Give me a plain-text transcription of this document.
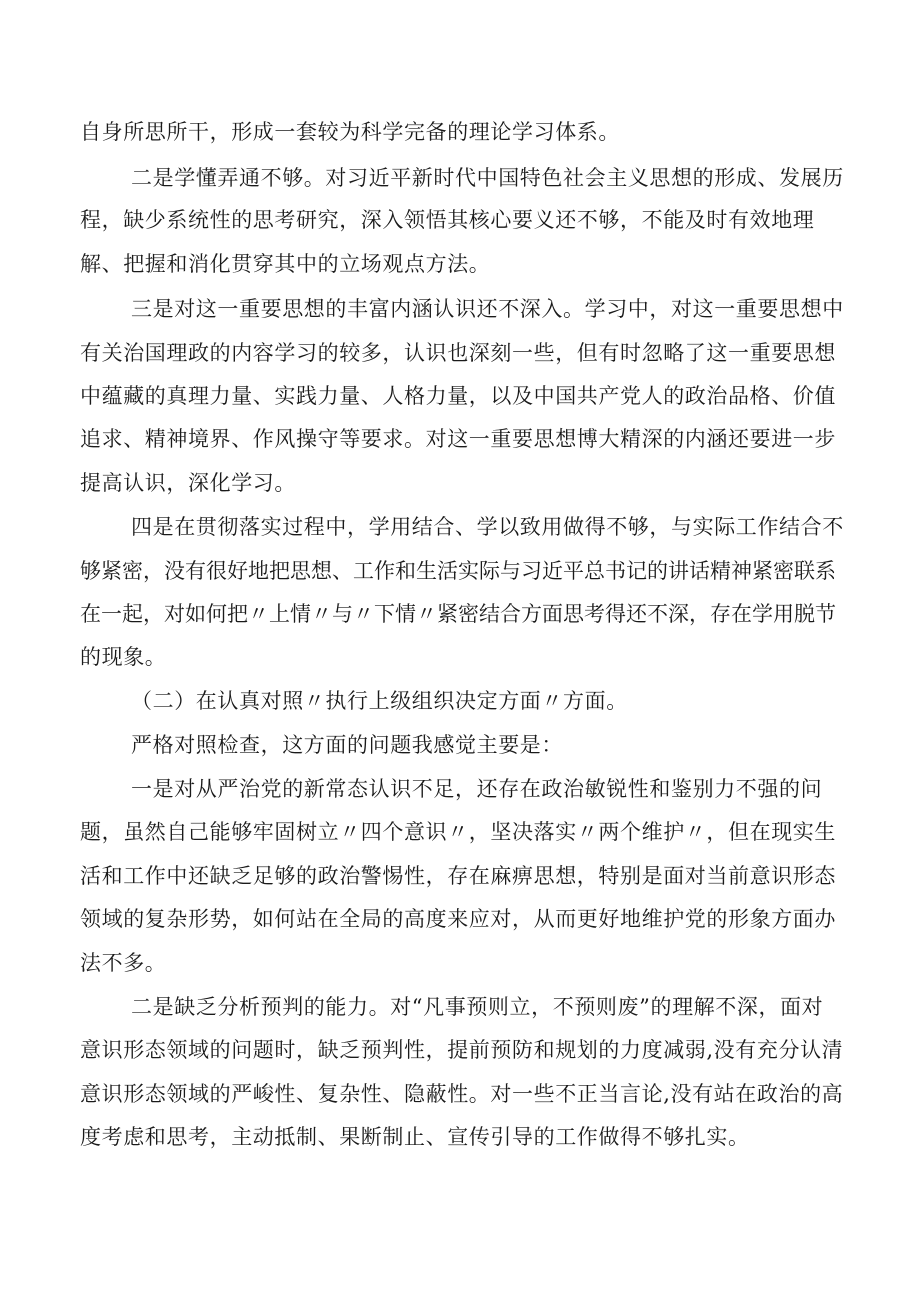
自身所思所干，形成一套较为科学完备的理论学习体系。
二是学懂弄通不够。对习近平新时代中国特色社会主义思想的形成、发展历
程，缺少系统性的思考研究，深入领悟其核心要义还不够，不能及时有效地理
解、把握和消化贯穿其中的立场观点方法。
三是对这一重要思想的丰富内涵认识还不深入。学习中，对这一重要思想中
有关治国理政的内容学习的较多，认识也深刻一些，但有时忽略了这一重要思想
中蕴藏的真理力量、实践力量、人格力量，以及中国共产党人的政治品格、价值
追求、精神境界、作风操守等要求。对这一重要思想博大精深的内涵还要进一步
提高认识，深化学习。
四是在贯彻落实过程中，学用结合、学以致用做得不够，与实际工作结合不
够紧密，没有很好地把思想、工作和生活实际与习近平总书记的讲话精神紧密联系
在一起，对如何把〃上情〃与〃下情〃紧密结合方面思考得还不深，存在学用脱节
的现象。
（二）在认真对照〃执行上级组织决定方面〃方面。
严格对照检查，这方面的问题我感觉主要是：
一是对从严治党的新常态认识不足，还存在政治敏锐性和鉴别力不强的问
题，虽然自己能够牢固树立〃四个意识〃，坚决落实〃两个维护〃，但在现实生
活和工作中还缺乏足够的政治警惕性，存在麻痹思想，特别是面对当前意识形态
领域的复杂形势，如何站在全局的高度来应对，从而更好地维护党的形象方面办
法不多。
二是缺乏分析预判的能力。对“凡事预则立，不预则废”的理解不深，面对
意识形态领域的问题时，缺乏预判性，提前预防和规划的力度减弱,没有充分认清
意识形态领域的严峻性、复杂性、隐蔽性。对一些不正当言论,没有站在政治的高
度考虑和思考，主动抵制、果断制止、宣传引导的工作做得不够扎实。
